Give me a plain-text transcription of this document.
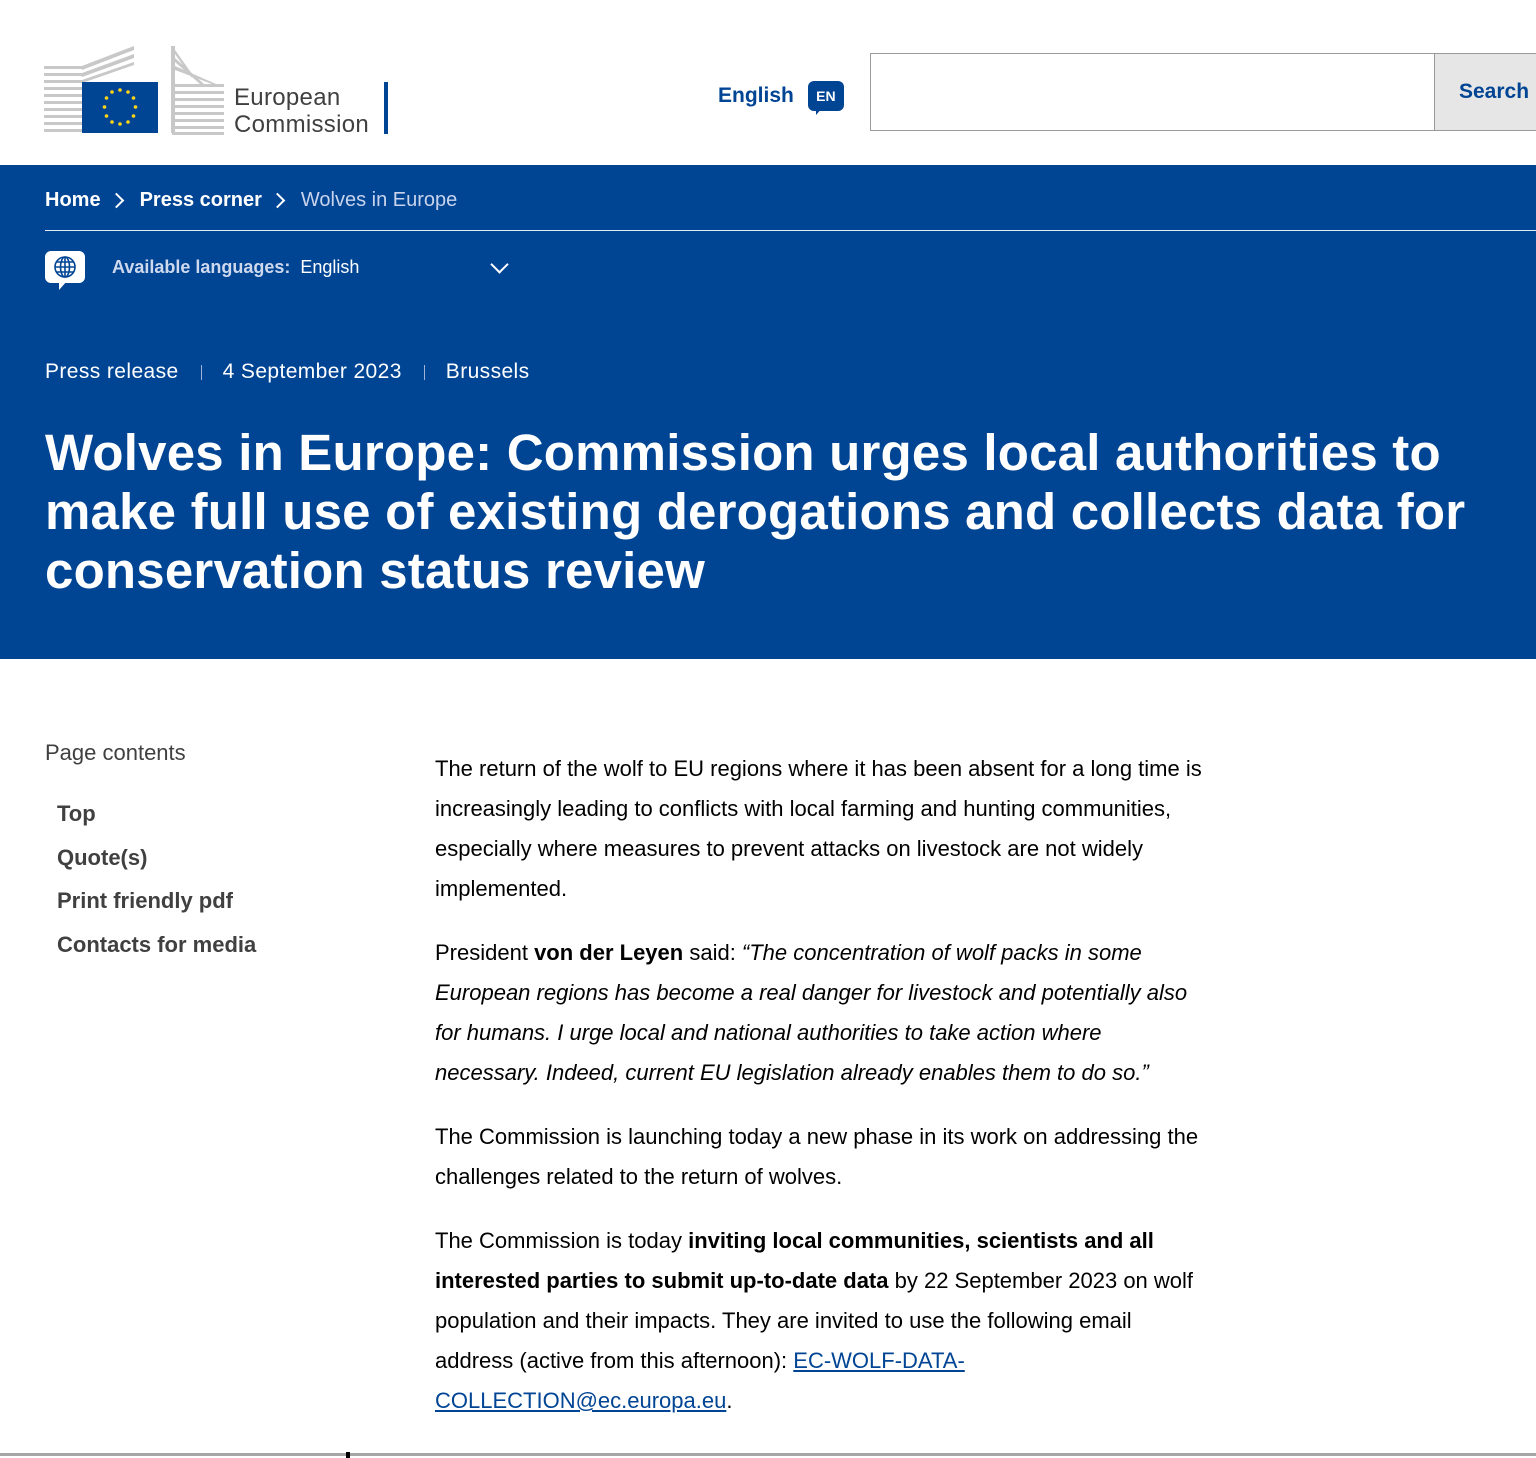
European
Commission
English	EN	Search
Home Press corner Wolves in Europe
Available languages: English
Press release 4 September 2023 Brussels
Wolves in Europe: Commission urges local authorities to make full use of existing derogations and collects data for conservation status review
Page contents
Top
Quote(s)
Print friendly pdf
Contacts for media

The return of the wolf to EU regions where it has been absent for a long time is increasingly leading to conflicts with local farming and hunting communities, especially where measures to prevent attacks on livestock are not widely implemented.

President von der Leyen said: “The concentration of wolf packs in some European regions has become a real danger for livestock and potentially also for humans. I urge local and national authorities to take action where necessary. Indeed, current EU legislation already enables them to do so.”

The Commission is launching today a new phase in its work on addressing the challenges related to the return of wolves.

The Commission is today inviting local communities, scientists and all interested parties to submit up-to-date data by 22 September 2023 on wolf population and their impacts. They are invited to use the following email address (active from this afternoon): EC-WOLF-DATA-COLLECTION@ec.europa.eu.
